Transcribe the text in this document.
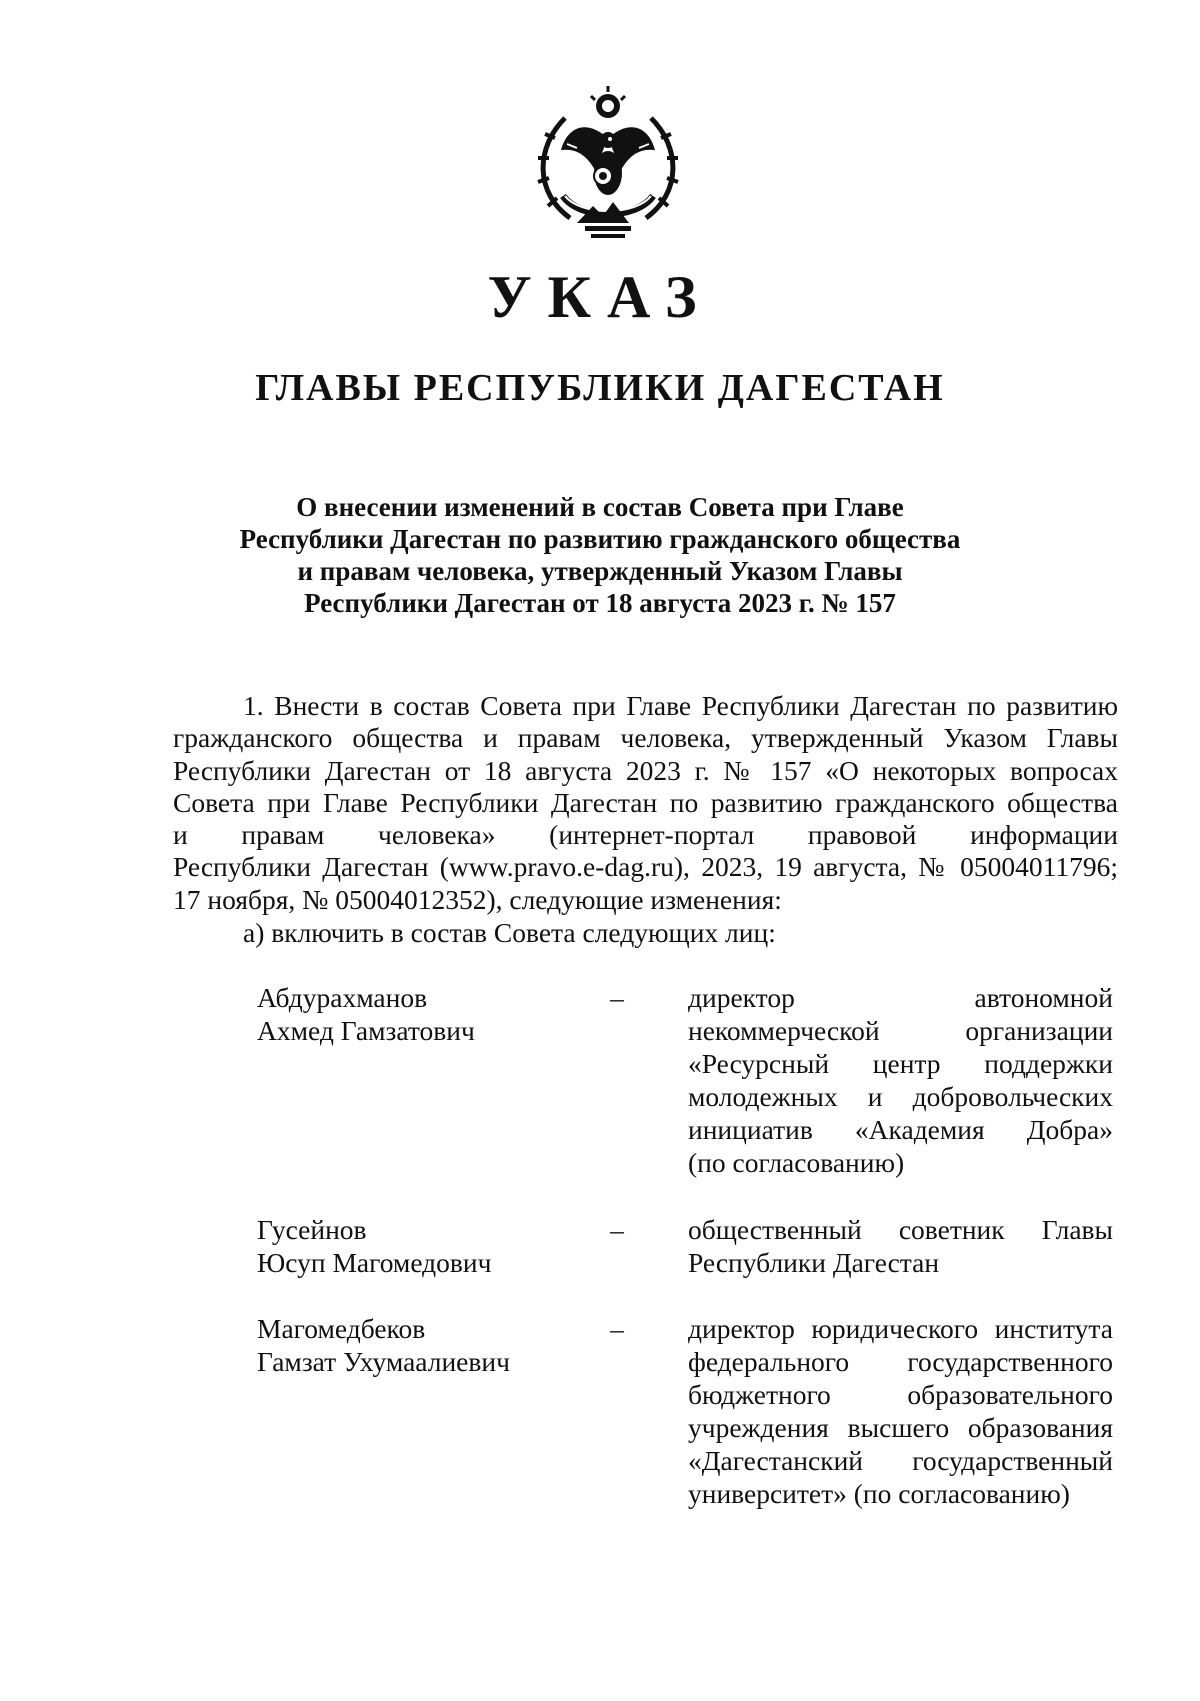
УКАЗ
ГЛАВЫ РЕСПУБЛИКИ ДАГЕСТАН
О внесении изменений в состав Совета при Главе
Республики Дагестан по развитию гражданского общества
и правам человека, утвержденный Указом Главы
Республики Дагестан от 18 августа 2023 г. № 157
1. Внести в состав Совета при Главе Республики Дагестан по развитию
гражданского общества и правам человека, утвержденный Указом Главы
Республики Дагестан от 18 августа 2023 г. № 157 «О некоторых вопросах
Совета при Главе Республики Дагестан по развитию гражданского общества
и правам человека» (интернет-портал правовой информации
Республики Дагестан (www.pravo.e-dag.ru), 2023, 19 августа, № 05004011796;
17 ноября, № 05004012352), следующие изменения:
а) включить в состав Совета следующих лиц:
Абдурахманов
Ахмед Гамзатович
–	директор автономной
некоммерческой организации
«Ресурсный центр поддержки
молодежных и добровольческих
инициатив «Академия Добра»
(по согласованию)
Гусейнов
Юсуп Магомедович
–	общественный советник Главы
Республики Дагестан
Магомедбеков
Гамзат Ухумаалиевич
–	директор юридического института
федерального государственного
бюджетного образовательного
учреждения высшего образования
«Дагестанский государственный
университет» (по согласованию)
